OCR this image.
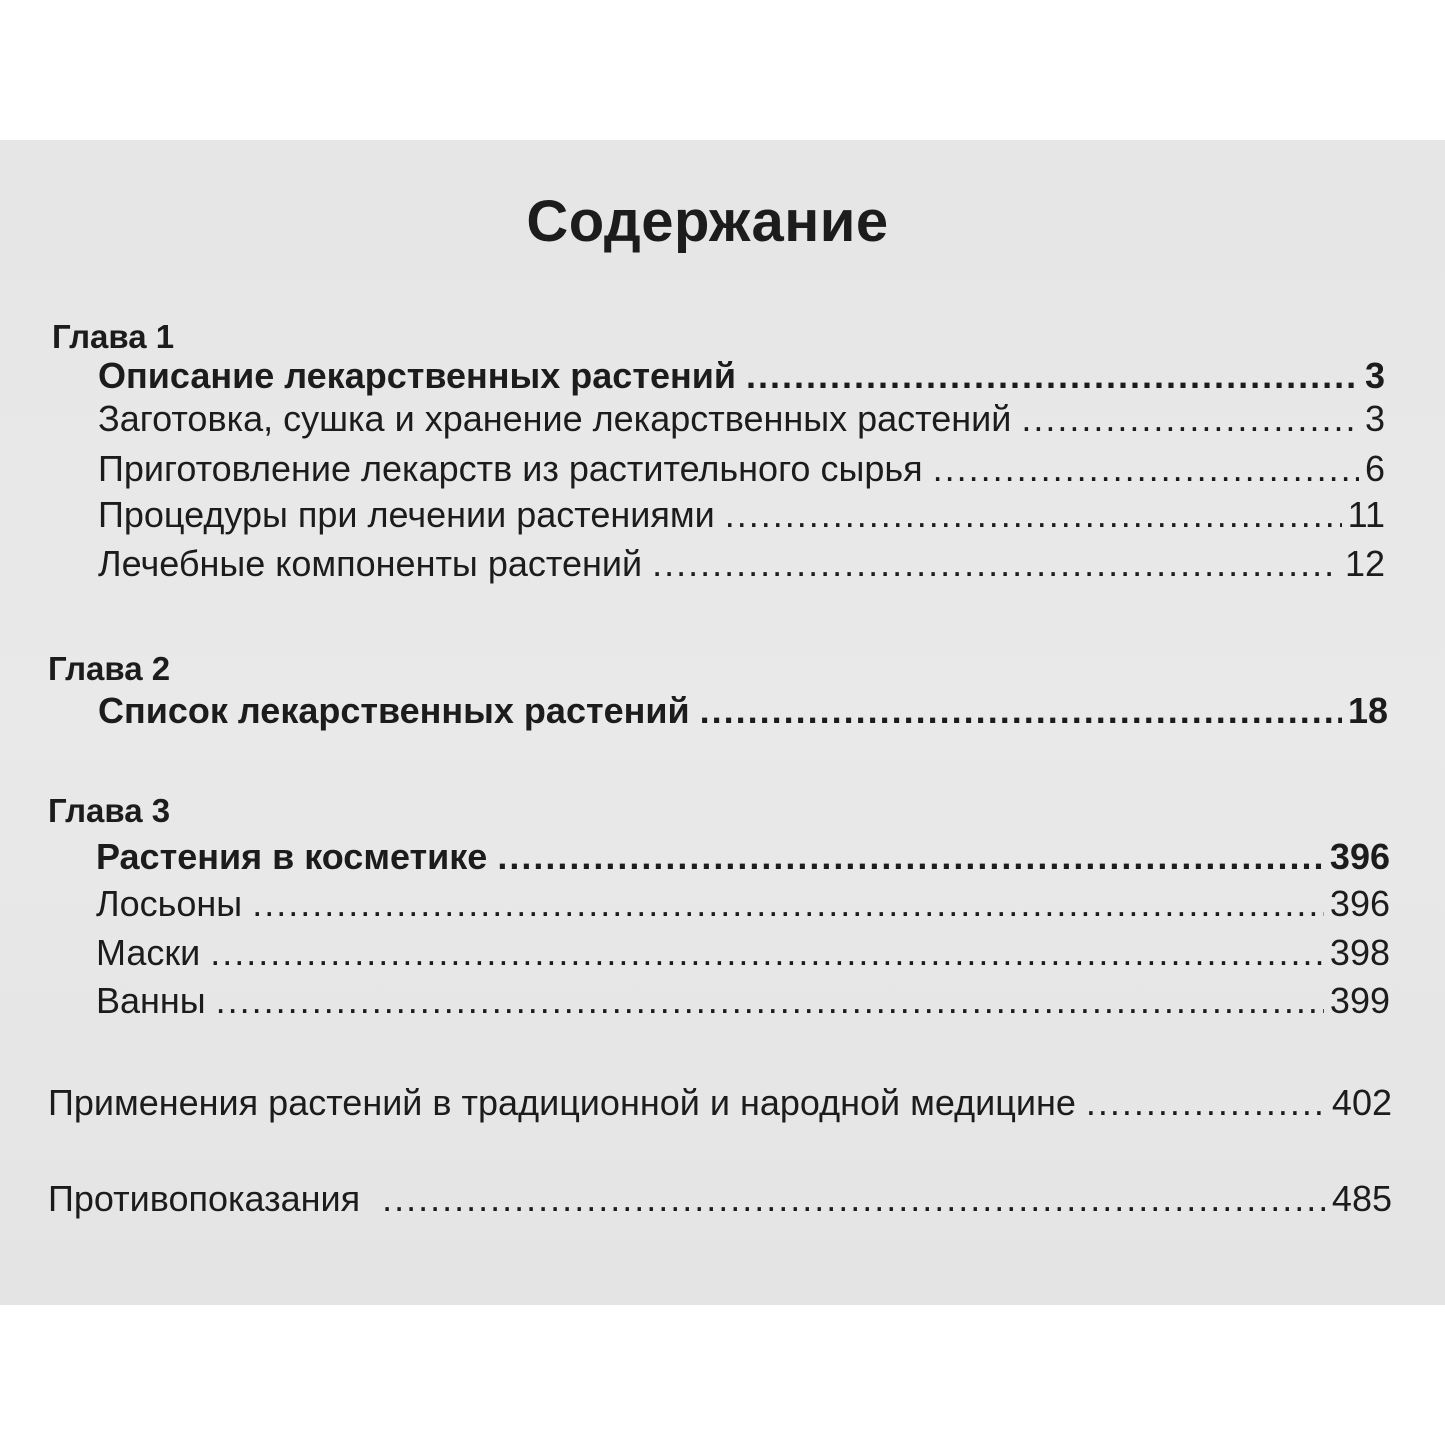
Содержание
Глава 1
Описание лекарственных растений .....	3
Заготовка, сушка и хранение лекарственных растений .....	3
Приготовление лекарств из растительного сырья .....	6
Процедуры при лечении растениями .....	11
Лечебные компоненты растений .....	12
Глава 2
Список лекарственных растений .....	18
Глава 3
Растения в косметике .....	396
Лосьоны .....	396
Маски .....	398
Ванны .....	399
Применения растений в традиционной и народной медицине .....	402
Противопоказания .....	485
